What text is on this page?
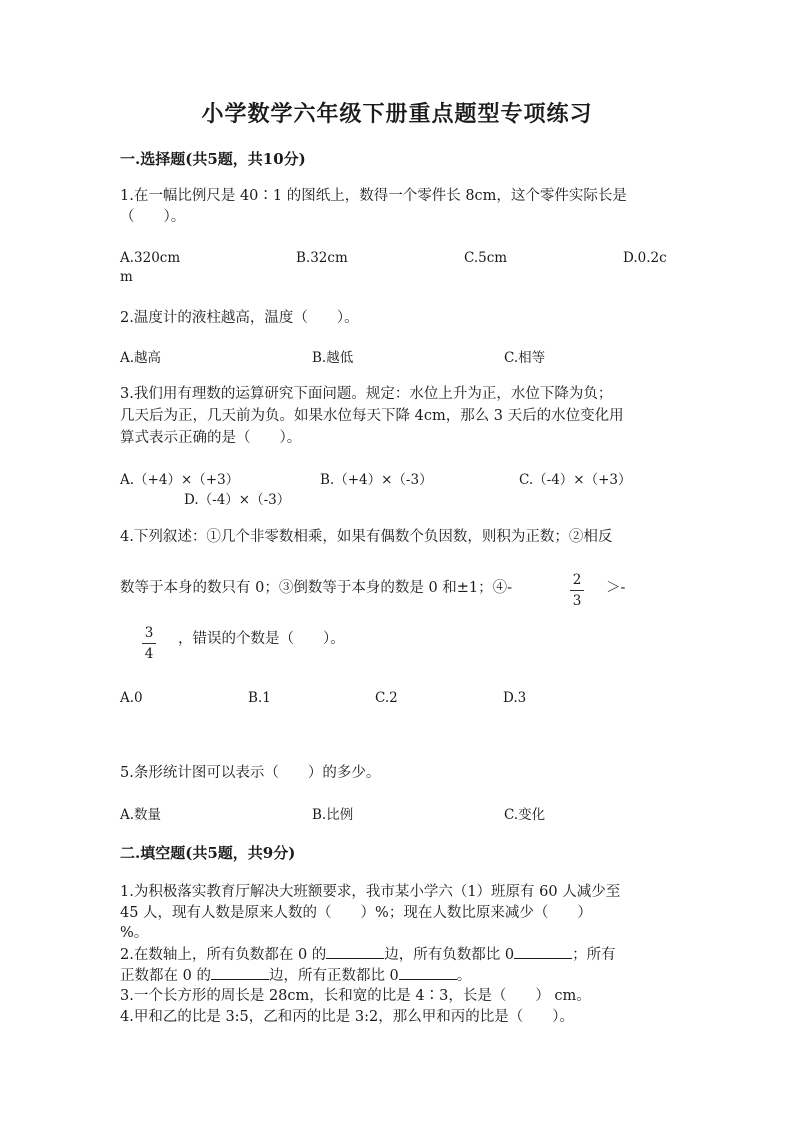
小学数学六年级下册重点题型专项练习
一.选择题(共5题，共10分)
1.在一幅比例尺是 40∶1 的图纸上，数得一个零件长 8cm，这个零件实际长是
（　　）。
A.320cm	B.32cm	C.5cm	D.0.2c
m
2.温度计的液柱越高，温度（　　）。
A.越高	B.越低	C.相等
3.我们用有理数的运算研究下面问题。规定：水位上升为正，水位下降为负；
几天后为正，几天前为负。如果水位每天下降 4cm，那么 3 天后的水位变化用
算式表示正确的是（　　）。
A.（+4）×（+3）	B.（+4）×（-3）	C.（-4）×（+3）
D.（-4）×（-3）
4.下列叙述：①几个非零数相乘，如果有偶数个负因数，则积为正数；②相反
数等于本身的数只有 0；③倒数等于本身的数是 0 和±1；④-	2
3
＞-
3
4
，错误的个数是（　　）。
A.0	B.1	C.2	D.3
5.条形统计图可以表示（　　）的多少。
A.数量	B.比例	C.变化
二.填空题(共5题，共9分)
1.为积极落实教育厅解决大班额要求，我市某小学六（1）班原有 60 人减少至
45 人，现有人数是原来人数的（　　）%；现在人数比原来减少（　　）
%。
2.在数轴上，所有负数都在 0 的	边，所有负数都比 0	；所有
正数都在 0 的	边，所有正数都比 0	。
3.一个长方形的周长是 28cm，长和宽的比是 4∶3，长是（　　） cm。
4.甲和乙的比是 3:5，乙和丙的比是 3:2，那么甲和丙的比是（　　）。
